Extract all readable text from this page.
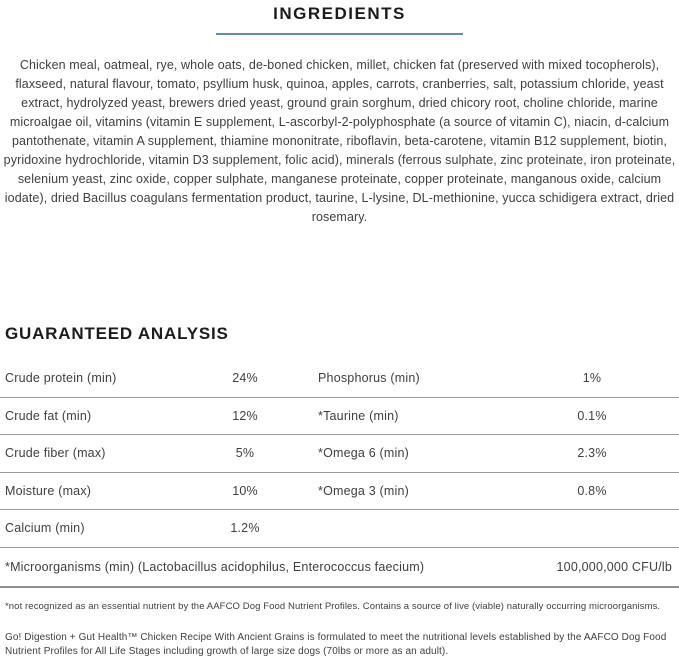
INGREDIENTS

Chicken meal, oatmeal, rye, whole oats, de-boned chicken, millet, chicken fat (preserved with mixed tocopherols), flaxseed, natural flavour, tomato, psyllium husk, quinoa, apples, carrots, cranberries, salt, potassium chloride, yeast extract, hydrolyzed yeast, brewers dried yeast, ground grain sorghum, dried chicory root, choline chloride, marine microalgae oil, vitamins (vitamin E supplement, L-ascorbyl-2-polyphosphate (a source of vitamin C), niacin, d-calcium pantothenate, vitamin A supplement, thiamine mononitrate, riboflavin, beta-carotene, vitamin B12 supplement, biotin, pyridoxine hydrochloride, vitamin D3 supplement, folic acid), minerals (ferrous sulphate, zinc proteinate, iron proteinate, selenium yeast, zinc oxide, copper sulphate, manganese proteinate, copper proteinate, manganous oxide, calcium iodate), dried Bacillus coagulans fermentation product, taurine, L-lysine, DL-methionine, yucca schidigera extract, dried rosemary.

GUARANTEED ANALYSIS
Crude protein (min)	24%	Phosphorus (min)	1%
Crude fat (min)	12%	*Taurine (min)	0.1%
Crude fiber (max)	5%	*Omega 6 (min)	2.3%
Moisture (max)	10%	*Omega 3 (min)	0.8%
Calcium (min)	1.2%
*Microorganisms (min) (Lactobacillus acidophilus, Enterococcus faecium)	100,000,000 CFU/lb

*not recognized as an essential nutrient by the AAFCO Dog Food Nutrient Profiles. Contains a source of live (viable) naturally occurring microorganisms.

Go! Digestion + Gut Health™ Chicken Recipe With Ancient Grains is formulated to meet the nutritional levels established by the AAFCO Dog Food Nutrient Profiles for All Life Stages including growth of large size dogs (70lbs or more as an adult).
